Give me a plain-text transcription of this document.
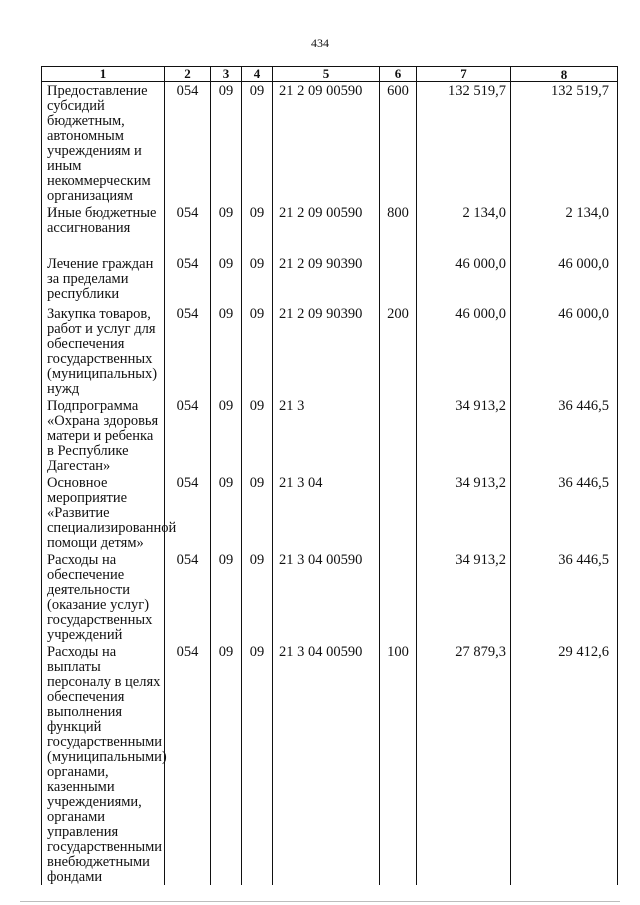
434
1	2	3	4	5	6	7	8
Предоставление субсидий бюджетным, автономным учреждениям и иным некоммерческим организациям	054	09	09	21 2 09 00590	600	132 519,7	132 519,7
Иные бюджетные ассигнования	054	09	09	21 2 09 00590	800	2 134,0	2 134,0
Лечение граждан за пределами республики	054	09	09	21 2 09 90390		46 000,0	46 000,0
Закупка товаров, работ и услуг для обеспечения государственных (муниципальных) нужд	054	09	09	21 2 09 90390	200	46 000,0	46 000,0
Подпрограмма «Охрана здоровья матери и ребенка в Республике Дагестан»	054	09	09	21 3		34 913,2	36 446,5
Основное мероприятие «Развитие специализированной помощи детям»	054	09	09	21 3 04		34 913,2	36 446,5
Расходы на обеспечение деятельности (оказание услуг) государственных учреждений	054	09	09	21 3 04 00590		34 913,2	36 446,5
Расходы на выплаты персоналу в целях обеспечения выполнения функций государственными (муниципальными) органами, казенными учреждениями, органами управления государственными внебюджетными фондами	054	09	09	21 3 04 00590	100	27 879,3	29 412,6
